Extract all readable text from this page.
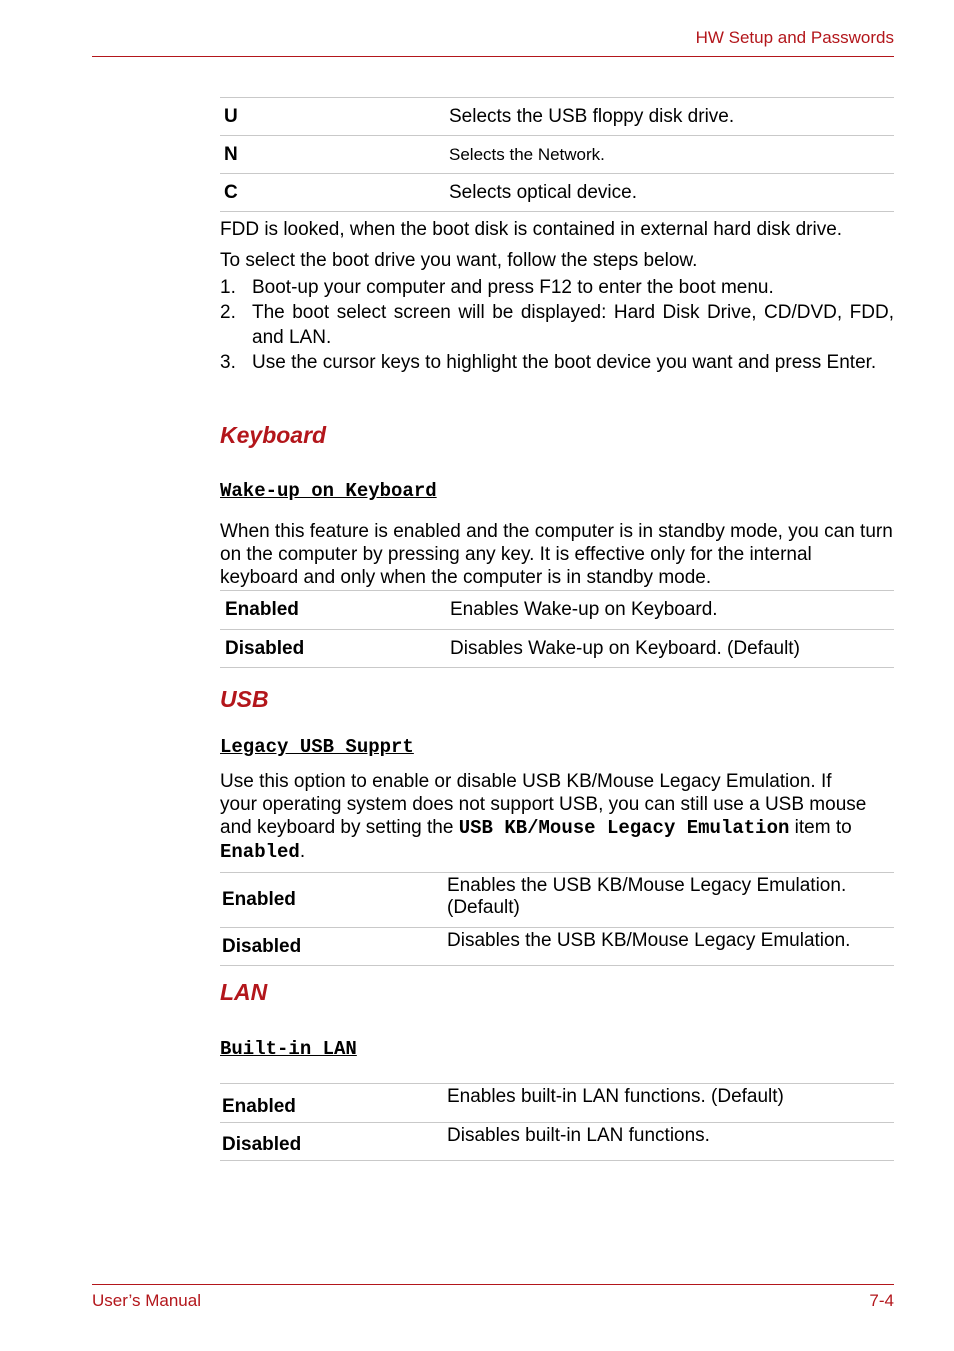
HW Setup and Passwords
U	Selects the USB floppy disk drive.
N	Selects the Network.
C	Selects optical device.
FDD is looked, when the boot disk is contained in external hard disk drive.
To select the boot drive you want, follow the steps below.
1. Boot-up your computer and press F12 to enter the boot menu.
2. The boot select screen will be displayed: Hard Disk Drive, CD/DVD, FDD, and LAN.
3. Use the cursor keys to highlight the boot device you want and press Enter.
Keyboard
Wake-up on Keyboard
When this feature is enabled and the computer is in standby mode, you can turn on the computer by pressing any key. It is effective only for the internal keyboard and only when the computer is in standby mode.
Enabled	Enables Wake-up on Keyboard.
Disabled	Disables Wake-up on Keyboard. (Default)
USB
Legacy USB Supprt
Use this option to enable or disable USB KB/Mouse Legacy Emulation. If your operating system does not support USB, you can still use a USB mouse and keyboard by setting the USB KB/Mouse Legacy Emulation item to Enabled.
Enabled	Enables the USB KB/Mouse Legacy Emulation. (Default)
Disabled	Disables the USB KB/Mouse Legacy Emulation.
LAN
Built-in LAN
Enabled	Enables built-in LAN functions. (Default)
Disabled	Disables built-in LAN functions.
User’s Manual	7-4
